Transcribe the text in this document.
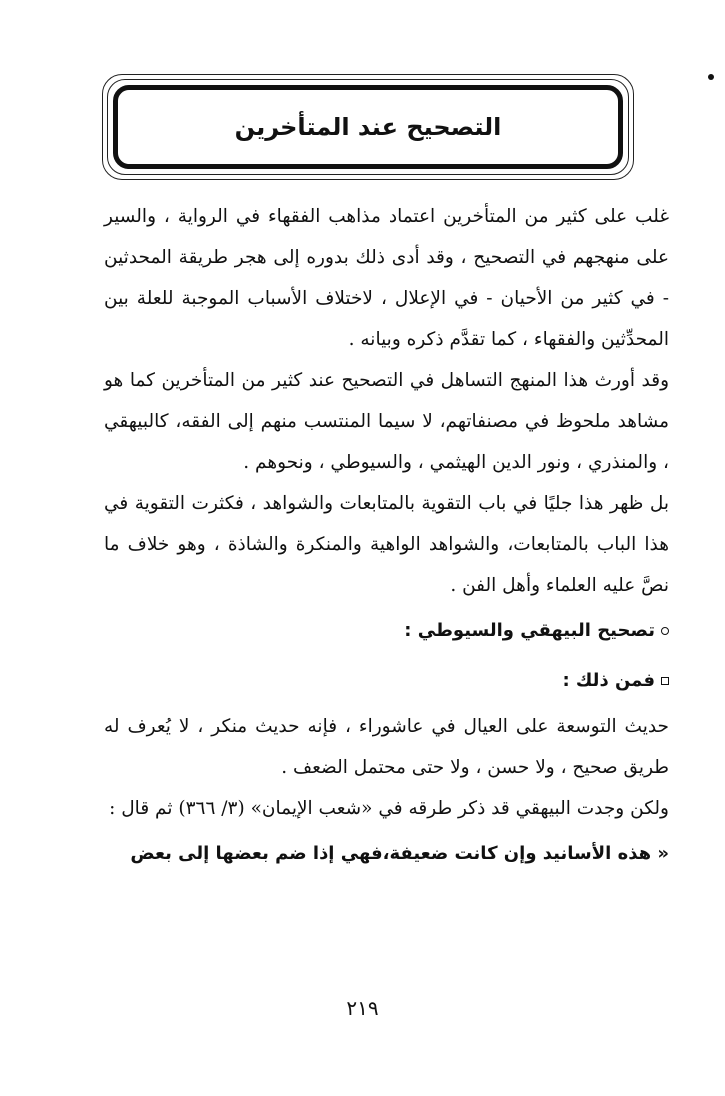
التصحيح عند المتأخرين

غلب على كثير من المتأخرين اعتماد مذاهب الفقهاء في الرواية ، والسير على منهجهم في التصحيح ، وقد أدى ذلك بدوره إلى هجر طريقة المحدثين - في كثير من الأحيان - في الإعلال ، لاختلاف الأسباب الموجبة للعلة بين المحدِّثين والفقهاء ، كما تقدَّم ذكره وبيانه .

وقد أورث هذا المنهج التساهل في التصحيح عند كثير من المتأخرين كما هو مشاهد ملحوظ في مصنفاتهم، لا سيما المنتسب منهم إلى الفقه، كالبيهقي ، والمنذري ، ونور الدين الهيثمي ، والسيوطي ، ونحوهم .

بل ظهر هذا جليًا في باب التقوية بالمتابعات والشواهد ، فكثرت التقوية في هذا الباب بالمتابعات، والشواهد الواهية والمنكرة والشاذة ، وهو خلاف ما نصَّ عليه العلماء وأهل الفن .

تصحيح البيهقي والسيوطي :
فمن ذلك :

حديث التوسعة على العيال في عاشوراء ، فإنه حديث منكر ، لا يُعرف له طريق صحيح ، ولا حسن ، ولا حتى محتمل الضعف .

ولكن وجدت البيهقي قد ذكر طرقه في «شعب الإيمان» (٣/ ٣٦٦) ثم قال :

« هذه الأسانيد وإن كانت ضعيفة،فهي إذا ضم بعضها إلى بعض

٢١٩
